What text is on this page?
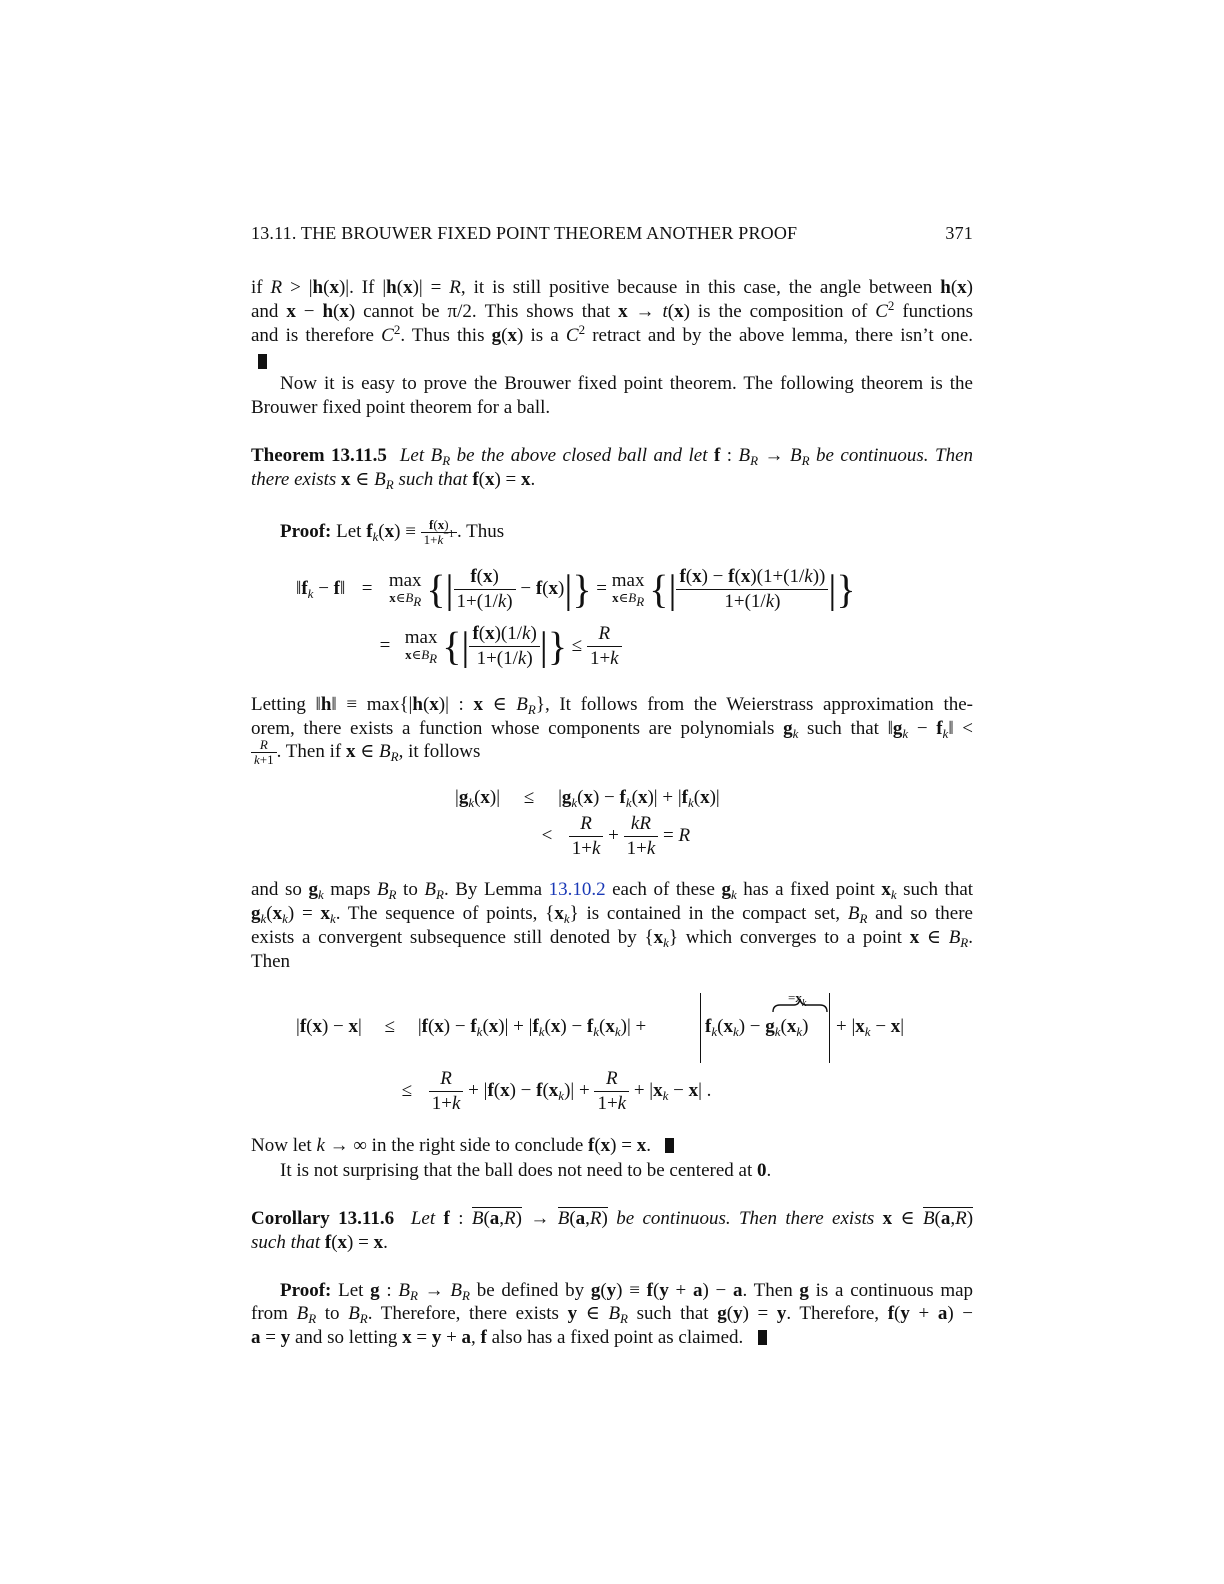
13.11. THE BROUWER FIXED POINT THEOREM ANOTHER PROOF	371
if R > |h(x)|. If |h(x)| = R, it is still positive because in this case, the angle between h(x)
and x − h(x) cannot be π/2. This shows that x → t(x) is the composition of $C^2$ functions
and is therefore $C^2$. Thus this g(x) is a $C^2$ retract and by the above lemma, there isn’t one.
Now it is easy to prove the Brouwer fixed point theorem. The following theorem is the
Brouwer fixed point theorem for a ball.
Theorem 13.11.5 Let $B_R$ be the above closed ball and let f : $B_R \to B_R$ be continuous. Then
there exists x ∈ $B_R$ such that f(x) = x.
Proof: Let $f_k(x) \equiv \frac{f(x)}{1+k^{-1}}$ . Thus
$‖f_k$ − f‖ = max
$x\in B_R$ {| $\frac{f(x)}{1+(1/k)} - f(x)|\} = \max$
$x\in B_R$ {| $\frac{f(x) - f(x)(1+(1/k))}{1+(1/k)}$ |}
= max
$x\in B_R$ {| $\frac{f(x)(1/k)}{1+(1/k)}$ |} ≤ $\frac{R}{1+k}$
Letting ‖h‖ ≡ max{|h(x)| : x ∈ $B_R$}, It follows from the Weierstrass approximation the-
orem, there exists a function whose components are polynomials $g_k$ such that $‖g_k$ − $f_k‖$ <
$\frac{R}{k+1}$ . Then if x ∈ $B_R$, it follows
$|g_k(x)| \le |g_k(x) - f_k(x)| + |f_k(x)|$
< $\frac{R}{1+k} + \frac{kR}{1+k} = R$
and so $g_k$ maps $B_R$ to $B_R$. By Lemma 13.10.2 each of these $g_k$ has a fixed point $x_k$ such that
$g_k(x_k) = x_k$. The sequence of points, $\{x_k\}$ is contained in the compact set, $B_R$ and so there
exists a convergent subsequence still denoted by $\{x_k\}$ which converges to a point x ∈ $B_R$.
Then
$|f(x) - x| \le |f(x) - f_k(x)| + |f_k(x) - f_k(x_k)|$ +	$f_k(x_k) - g_k(x_k)$
$=x_k$
+ $|x_k - x|$
≤ $\frac{R}{1+k} + |f(x) - f(x_k)| + \frac{R}{1+k} + |x_k - x|$ .
Now let k → ∞ in the right side to conclude f(x) = x.
It is not surprising that the ball does not need to be centered at 0.
Corollary 13.11.6 Let f : B(a,R) → B(a,R) be continuous. Then there exists x ∈ B(a,R)
such that f(x) = x.
Proof: Let g : $B_R \to B_R$ be defined by g(y) ≡ f(y + a) − a. Then g is a continuous map
from $B_R$ to $B_R$. Therefore, there exists y ∈ $B_R$ such that g(y) = y. Therefore, f(y + a) −
a = y and so letting x = y + a, f also has a fixed point as claimed.
